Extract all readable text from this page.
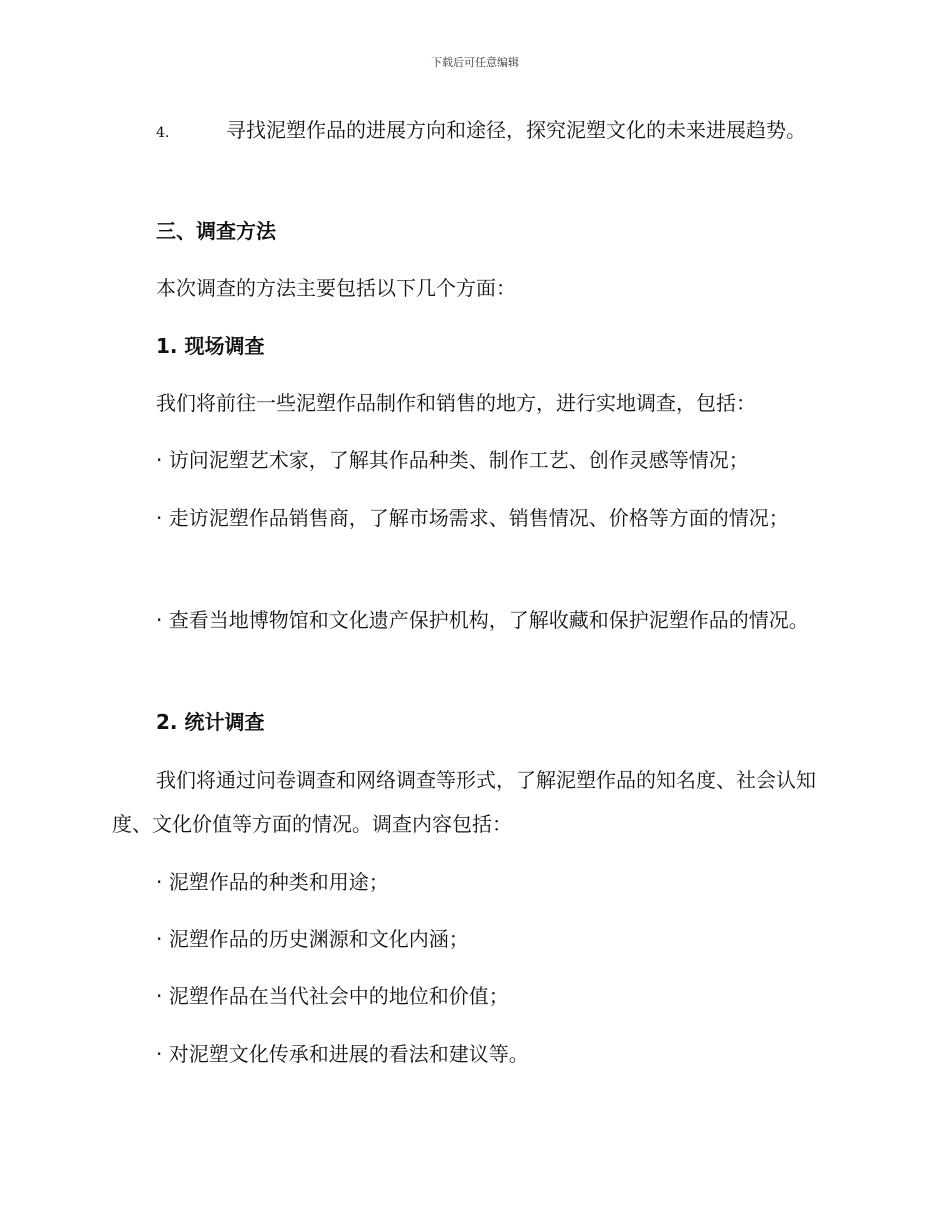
下载后可任意编辑
4.	寻找泥塑作品的进展方向和途径，探究泥塑文化的未来进展趋势。
三、调查方法
本次调查的方法主要包括以下几个方面：
1. 现场调查
我们将前往一些泥塑作品制作和销售的地方，进行实地调查，包括：
· 访问泥塑艺术家，了解其作品种类、制作工艺、创作灵感等情况；
· 走访泥塑作品销售商，了解市场需求、销售情况、价格等方面的情况；
· 查看当地博物馆和文化遗产保护机构，了解收藏和保护泥塑作品的情况。
2. 统计调查
我们将通过问卷调查和网络调查等形式，了解泥塑作品的知名度、社会认知度、文化价值等方面的情况。调查内容包括：
· 泥塑作品的种类和用途；
· 泥塑作品的历史渊源和文化内涵；
· 泥塑作品在当代社会中的地位和价值；
· 对泥塑文化传承和进展的看法和建议等。
